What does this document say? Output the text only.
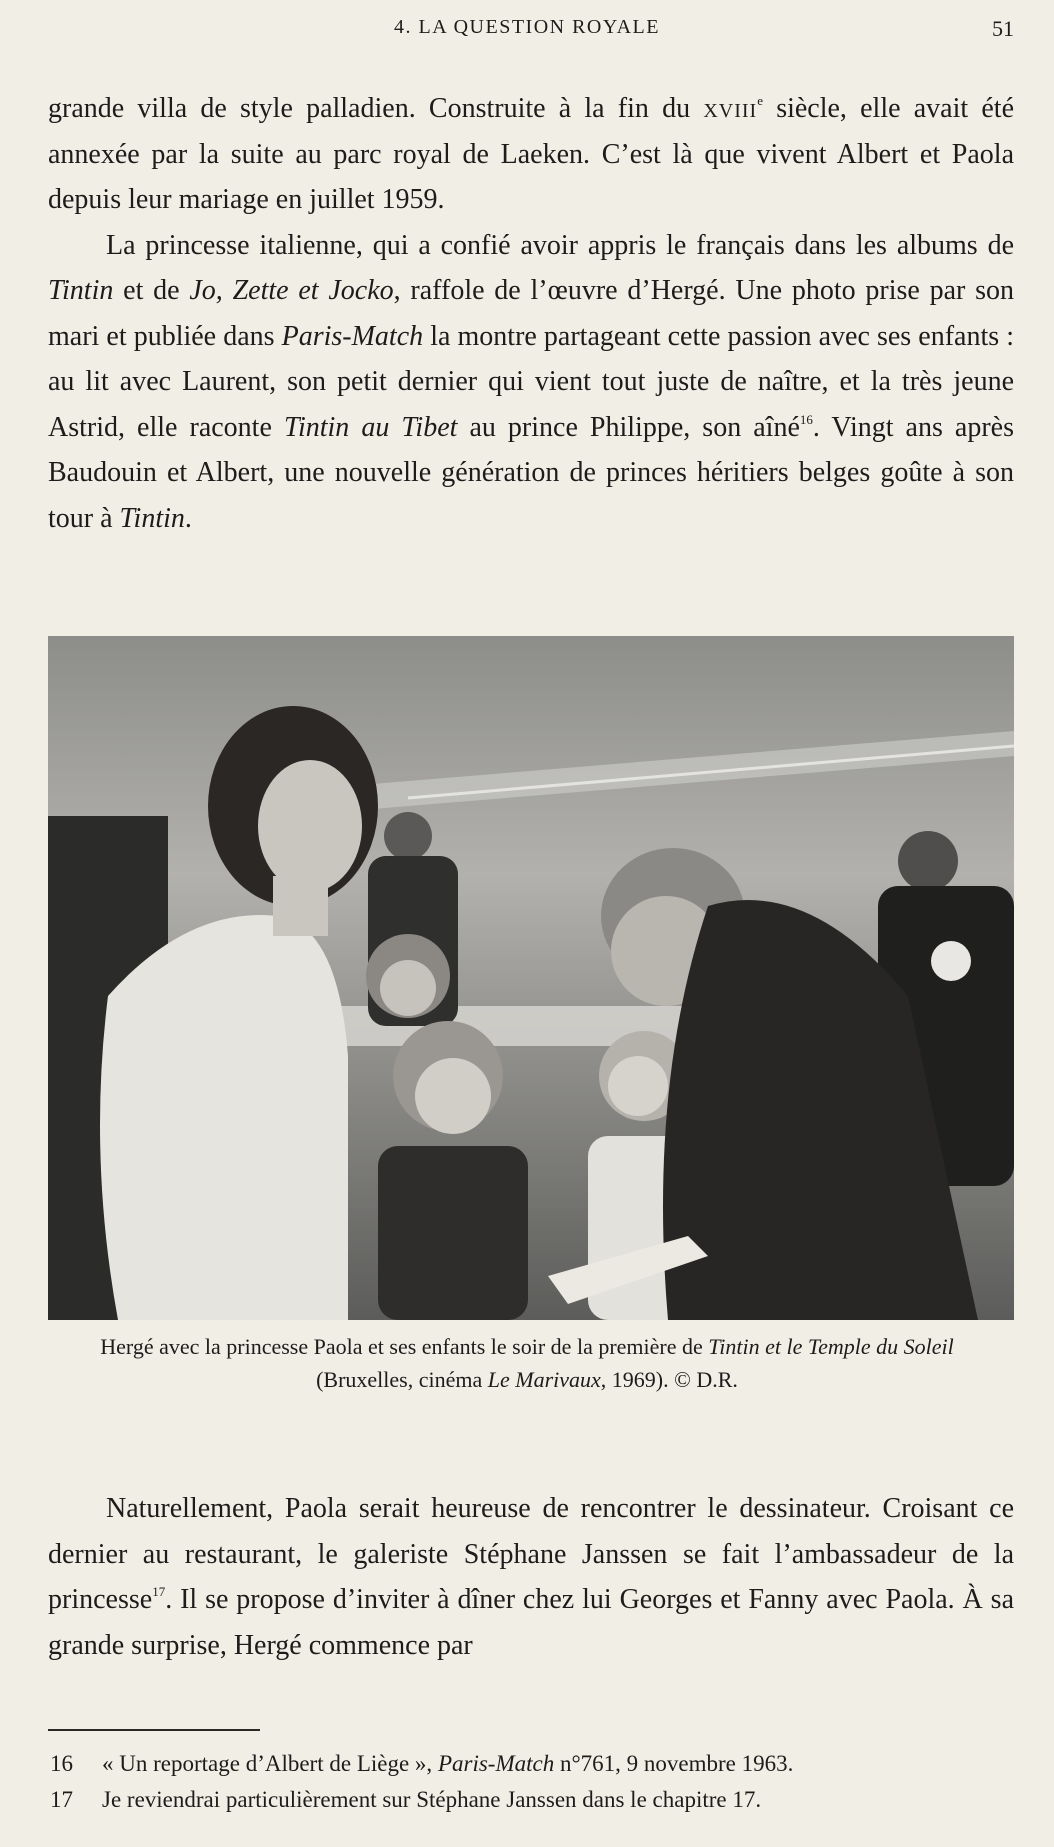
4. LA QUESTION ROYALE	51

grande villa de style palladien. Construite à la fin du xviii$^e$ siècle, elle avait été annexée par la suite au parc royal de Laeken. C’est là que vivent Albert et Paola depuis leur mariage en juillet 1959.

La princesse italienne, qui a confié avoir appris le français dans les albums de Tintin et de Jo, Zette et Jocko, raffole de l’œuvre d’Hergé. Une photo prise par son mari et publiée dans Paris-Match la montre partageant cette passion avec ses enfants : au lit avec Laurent, son petit dernier qui vient tout juste de naître, et la très jeune Astrid, elle raconte Tintin au Tibet au prince Philippe, son aîné$^{16}$. Vingt ans après Baudouin et Albert, une nouvelle génération de princes héritiers belges goûte à son tour à Tintin.

Hergé avec la princesse Paola et ses enfants le soir de la première de Tintin et le Temple du Soleil
(Bruxelles, cinéma Le Marivaux, 1969). © D.R.

Naturellement, Paola serait heureuse de rencontrer le dessinateur. Croisant ce dernier au restaurant, le galeriste Stéphane Janssen se fait l’ambassadeur de la princesse$^{17}$. Il se propose d’inviter à dîner chez lui Georges et Fanny avec Paola. À sa grande surprise, Hergé commence par

16	« Un reportage d’Albert de Liège », Paris-Match n°761, 9 novembre 1963.
17	Je reviendrai particulièrement sur Stéphane Janssen dans le chapitre 17.
